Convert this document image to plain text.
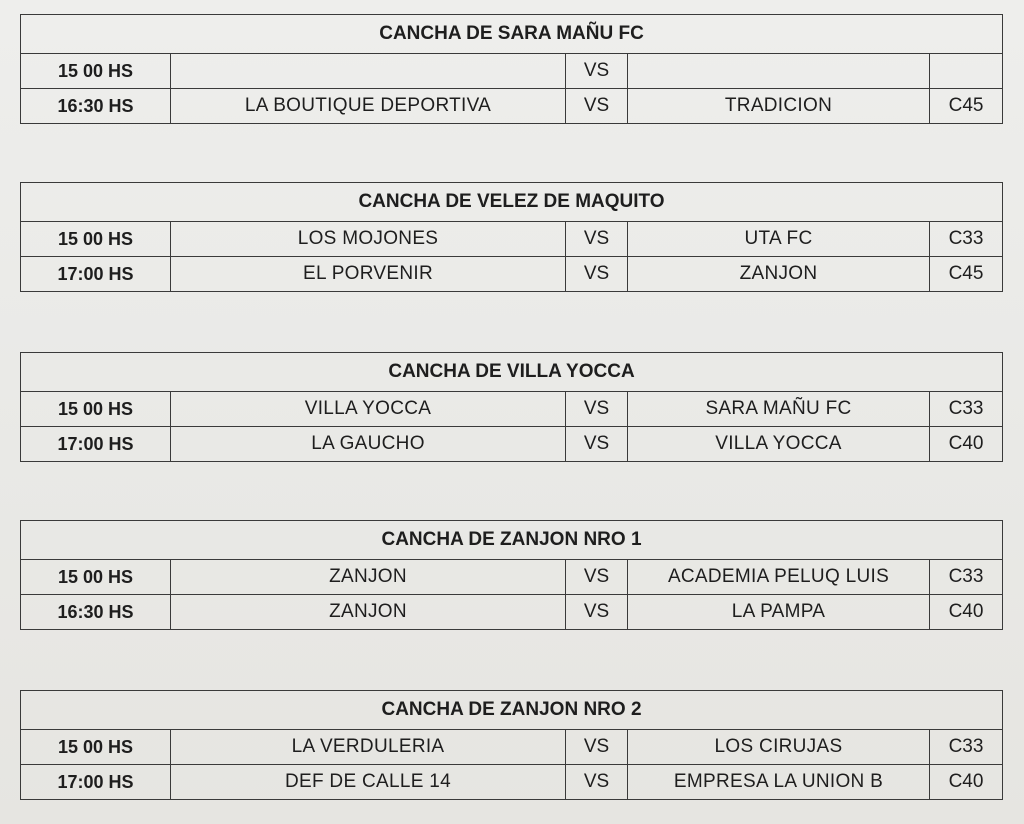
CANCHA DE SARA MAÑU FC				
15 00 HS		VS		
16:30 HS	LA BOUTIQUE DEPORTIVA	VS	TRADICION	C45
CANCHA DE VELEZ DE MAQUITO				
15 00 HS	LOS MOJONES	VS	UTA FC	C33
17:00 HS	EL PORVENIR	VS	ZANJON	C45
CANCHA DE VILLA YOCCA				
15 00 HS	VILLA YOCCA	VS	SARA MAÑU FC	C33
17:00 HS	LA GAUCHO	VS	VILLA YOCCA	C40
CANCHA DE ZANJON NRO 1				
15 00 HS	ZANJON	VS	ACADEMIA PELUQ LUIS	C33
16:30 HS	ZANJON	VS	LA PAMPA	C40
CANCHA DE ZANJON NRO 2				
15 00 HS	LA VERDULERIA	VS	LOS CIRUJAS	C33
17:00 HS	DEF DE CALLE 14	VS	EMPRESA LA UNION B	C40
